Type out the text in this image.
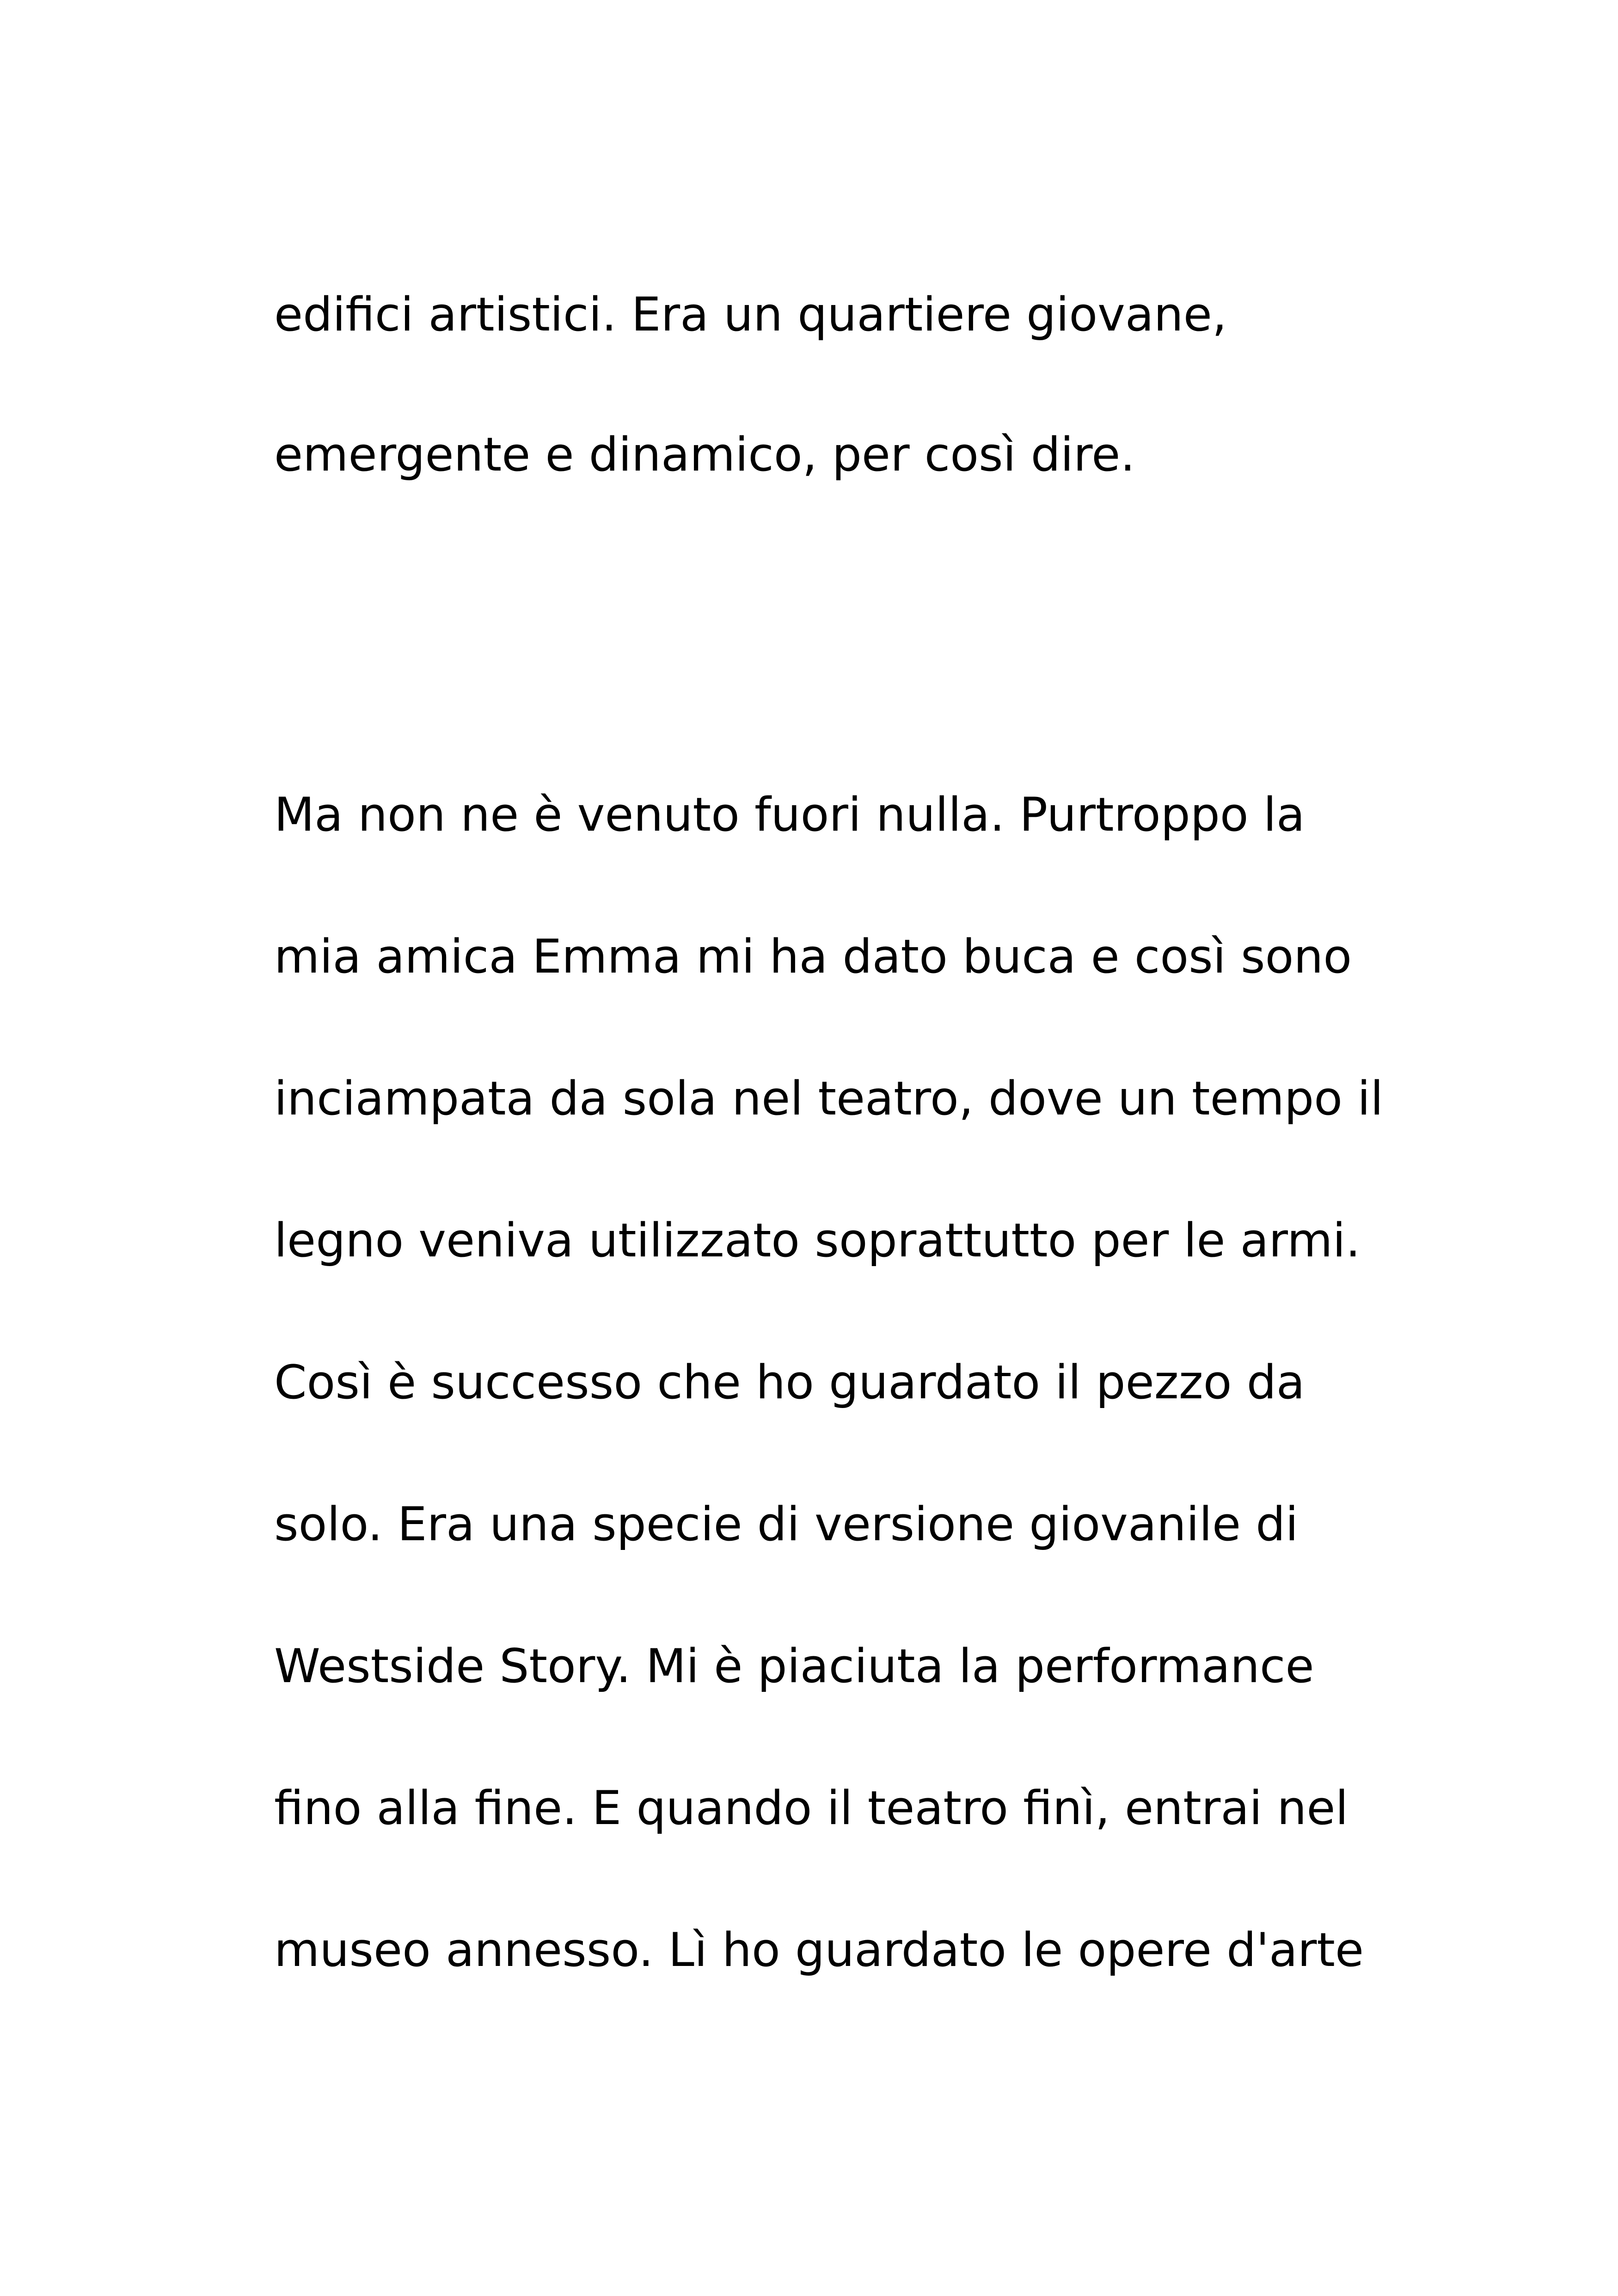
edifici artistici. Era un quartiere giovane,

emergente e dinamico, per così dire.

Ma non ne è venuto fuori nulla. Purtroppo la

mia amica Emma mi ha dato buca e così sono

inciampata da sola nel teatro, dove un tempo il

legno veniva utilizzato soprattutto per le armi.

Così è successo che ho guardato il pezzo da

solo. Era una specie di versione giovanile di

Westside Story. Mi è piaciuta la performance

fino alla fine. E quando il teatro finì, entrai nel

museo annesso. Lì ho guardato le opere d'arte
